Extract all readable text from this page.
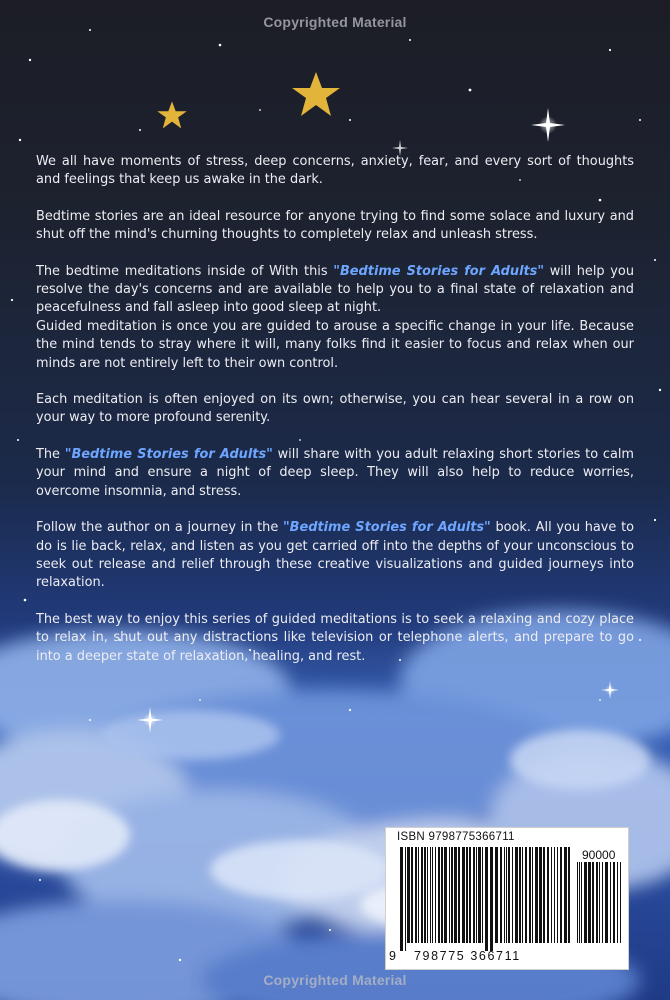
Copyrighted Material

We all have moments of stress, deep concerns, anxiety, fear, and every sort of thoughts and feelings that keep us awake in the dark.

Bedtime stories are an ideal resource for anyone trying to find some solace and luxury and shut off the mind's churning thoughts to completely relax and unleash stress.

The bedtime meditations inside of With this "Bedtime Stories for Adults" will help you resolve the day's concerns and are available to help you to a final state of relaxation and peacefulness and fall asleep into good sleep at night.

Guided meditation is once you are guided to arouse a specific change in your life. Because the mind tends to stray where it will, many folks find it easier to focus and relax when our minds are not entirely left to their own control.

Each meditation is often enjoyed on its own; otherwise, you can hear several in a row on your way to more profound serenity.

The "Bedtime Stories for Adults" will share with you adult relaxing short stories to calm your mind and ensure a night of deep sleep. They will also help to reduce worries, overcome insomnia, and stress.

Follow the author on a journey in the "Bedtime Stories for Adults" book. All you have to do is lie back, relax, and listen as you get carried off into the depths of your unconscious to seek out release and relief through these creative visualizations and guided journeys into relaxation.

The best way to enjoy this series of guided meditations is to seek a relaxing and cozy place to relax in, shut out any distractions like television or telephone alerts, and prepare to go into a deeper state of relaxation, healing, and rest.

ISBN 9798775366711
90000
9 798775 366711
Copyrighted Material
